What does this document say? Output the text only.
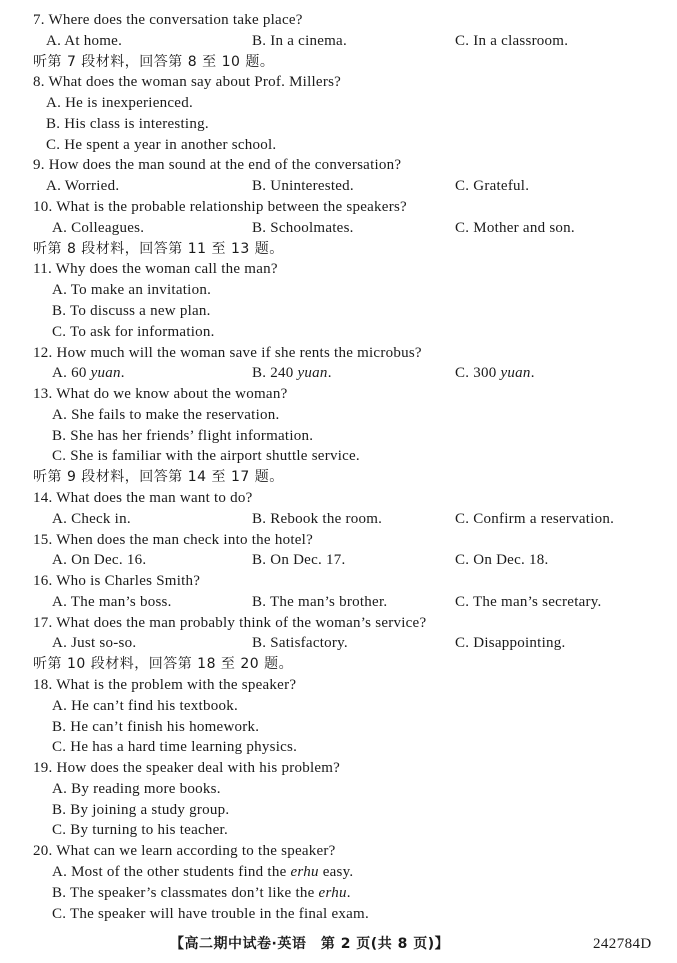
7. Where does the conversation take place?
A. At home.	B. In a cinema.	C. In a classroom.
听第 7 段材料，回答第 8 至 10 题。
8. What does the woman say about Prof. Millers?
A. He is inexperienced.
B. His class is interesting.
C. He spent a year in another school.
9. How does the man sound at the end of the conversation?
A. Worried.	B. Uninterested.	C. Grateful.
10. What is the probable relationship between the speakers?
A. Colleagues.	B. Schoolmates.	C. Mother and son.
听第 8 段材料，回答第 11 至 13 题。
11. Why does the woman call the man?
A. To make an invitation.
B. To discuss a new plan.
C. To ask for information.
12. How much will the woman save if she rents the microbus?
A. 60 yuan.	B. 240 yuan.	C. 300 yuan.
13. What do we know about the woman?
A. She fails to make the reservation.
B. She has her friends’ flight information.
C. She is familiar with the airport shuttle service.
听第 9 段材料，回答第 14 至 17 题。
14. What does the man want to do?
A. Check in.	B. Rebook the room.	C. Confirm a reservation.
15. When does the man check into the hotel?
A. On Dec. 16.	B. On Dec. 17.	C. On Dec. 18.
16. Who is Charles Smith?
A. The man’s boss.	B. The man’s brother.	C. The man’s secretary.
17. What does the man probably think of the woman’s service?
A. Just so-so.	B. Satisfactory.	C. Disappointing.
听第 10 段材料，回答第 18 至 20 题。
18. What is the problem with the speaker?
A. He can’t find his textbook.
B. He can’t finish his homework.
C. He has a hard time learning physics.
19. How does the speaker deal with his problem?
A. By reading more books.
B. By joining a study group.
C. By turning to his teacher.
20. What can we learn according to the speaker?
A. Most of the other students find the erhu easy.
B. The speaker’s classmates don’t like the erhu.
C. The speaker will have trouble in the final exam.
【高二期中试卷·英语　第 2 页(共 8 页)】	242784D
